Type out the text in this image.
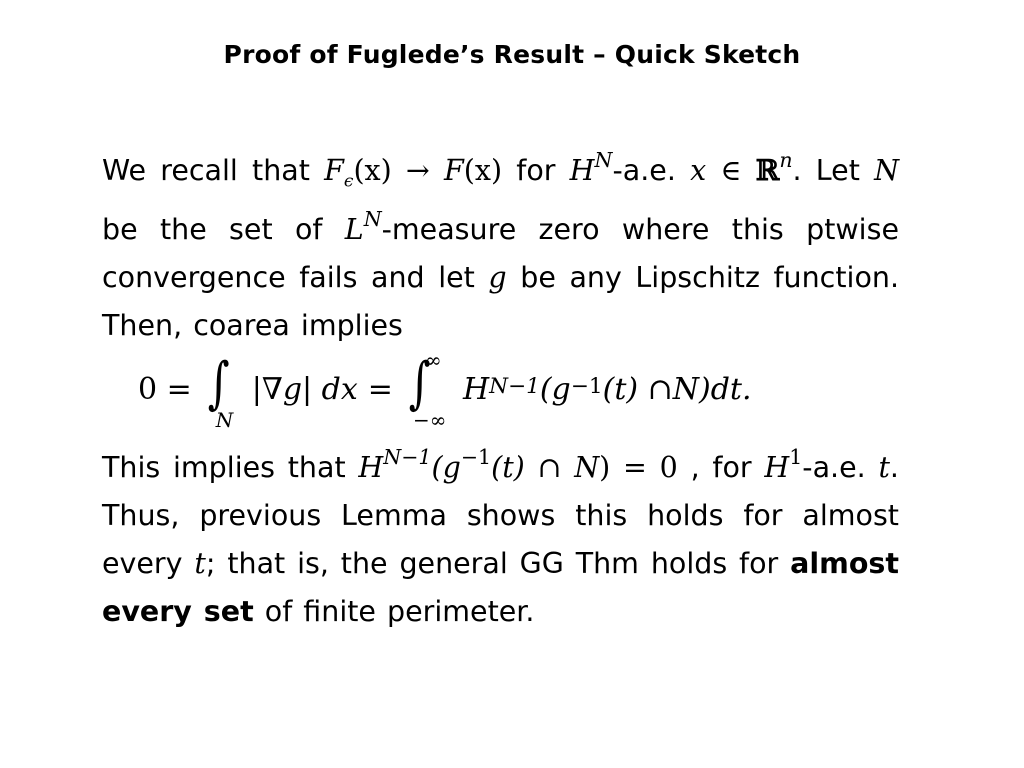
Proof of Fuglede’s Result – Quick Sketch
We recall that $F_\epsilon(x) \to F(x)$ for $H^N-a.e$. x ∈ ℝ$^n$. Let N be the set of $L^N$-measure zero where this ptwise convergence fails and let g be any Lipschitz function. Then, coarea implies
0 = ∫
N
|∇g| dx = ∫
∞
−∞
$H^{N-1}$ ($g^{-1}$ (t) ∩ N )dt.
This implies that $H^{N-1}(g^{-1}(t)$ ∩ N) = 0 , for $H^1-a.e$. t. Thus, previous Lemma shows this holds for almost every t; that is, the general GG Thm holds for almost every set of finite perimeter.
